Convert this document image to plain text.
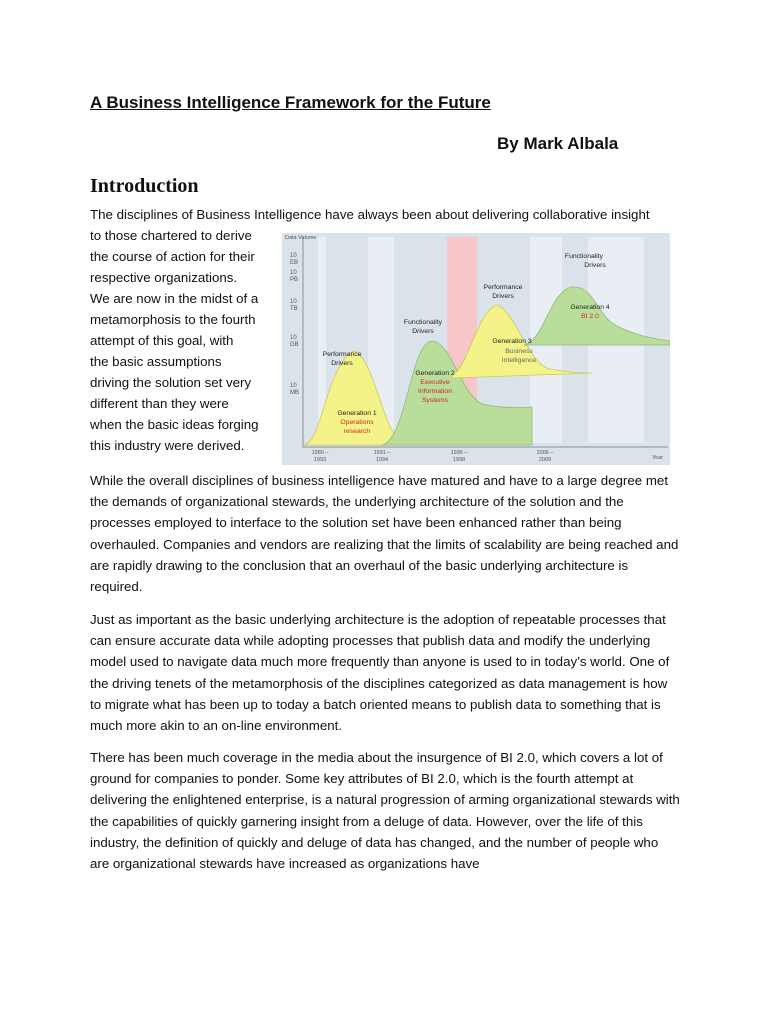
A Business Intelligence Framework for the Future
By Mark Albala
Introduction
The disciplines of Business Intelligence have always been about delivering collaborative insight
to those chartered to derive
the course of action for their
respective organizations.
We are now in the midst of a
metamorphosis to the fourth
attempt of this goal, with
the basic assumptions
driving the solution set very
different than they were
when the basic ideas forging
this industry were derived.
Data Volume
10
EB
10
PB
10
TB
10
GB
10
MB
Performance
Drivers
Generation 1
Operations
research
Functionality
Drivers
Generation 2
Executive
Information
Systems
Performance
Drivers
Generation 3
Business
Intelligence
Functionality
Drivers
Generation 4
BI 2.0
1980 –
1993
1991 –
1994
1995 –
1998
2006 –
2009	Year

While the overall disciplines of business intelligence have matured and have to a large degree met the demands of organizational stewards, the underlying architecture of the solution and the processes employed to interface to the solution set have been enhanced rather than being overhauled. Companies and vendors are realizing that the limits of scalability are being reached and are rapidly drawing to the conclusion that an overhaul of the basic underlying architecture is required.

Just as important as the basic underlying architecture is the adoption of repeatable processes that can ensure accurate data while adopting processes that publish data and modify the underlying model used to navigate data much more frequently than anyone is used to in today’s world. One of the driving tenets of the metamorphosis of the disciplines categorized as data management is how to migrate what has been up to today a batch oriented means to publish data to something that is much more akin to an on-line environment.

There has been much coverage in the media about the insurgence of BI 2.0, which covers a lot of ground for companies to ponder. Some key attributes of BI 2.0, which is the fourth attempt at delivering the enlightened enterprise, is a natural progression of arming organizational stewards with the capabilities of quickly garnering insight from a deluge of data. However, over the life of this industry, the definition of quickly and deluge of data has changed, and the number of people who are organizational stewards have increased as organizations have
